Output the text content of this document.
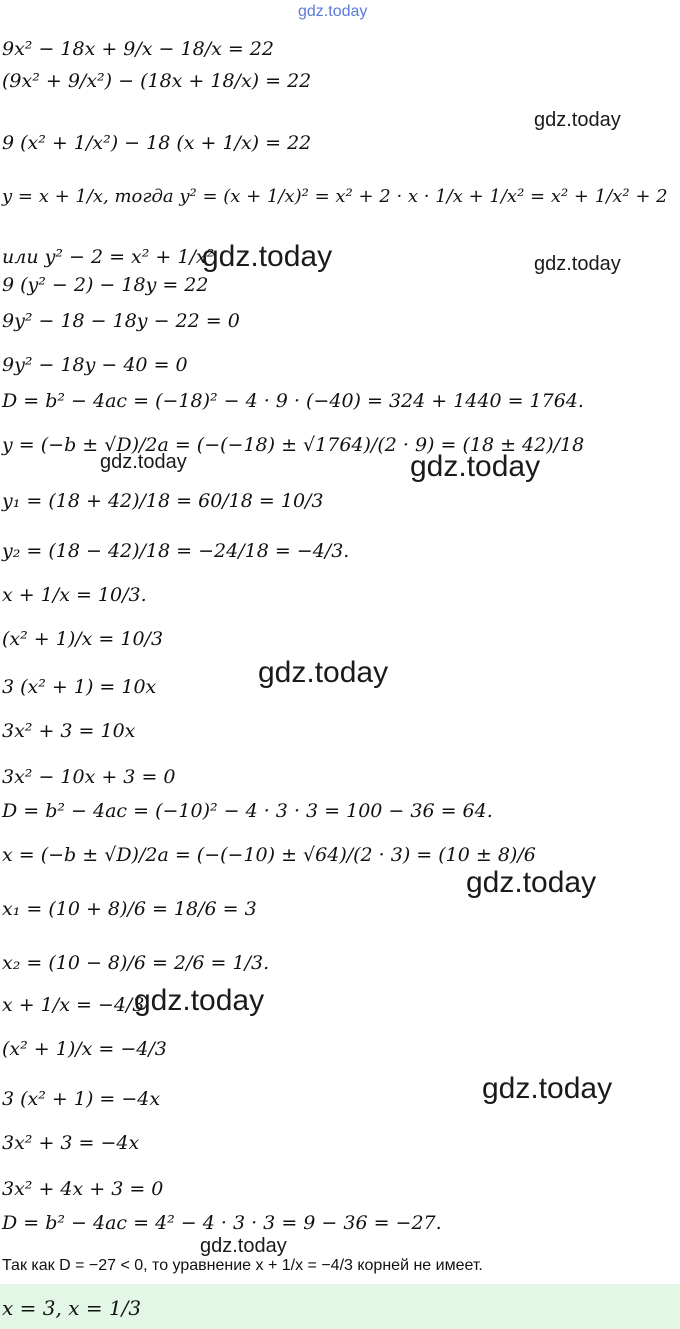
gdz.today
9x² − 18x + 9/x − 18/x = 22
(9x² + 9/x²) − (18x + 18/x) = 22
gdz.today
9 (x² + 1/x²) − 18 (x + 1/x) = 22
y = x + 1/x, тогда y² = (x + 1/x)² = x² + 2 · x · 1/x + 1/x² = x² + 1/x² + 2
или y² − 2 = x² + 1/x²
gdz.today	gdz.today
9 (y² − 2) − 18y = 22
9y² − 18 − 18y − 22 = 0
9y² − 18y − 40 = 0
D = b² − 4ac = (−18)² − 4 · 9 · (−40) = 324 + 1440 = 1764.
y = (−b ± √D)/2a = (−(−18) ± √1764)/(2 · 9) = (18 ± 42)/18
gdz.today	gdz.today
y₁ = (18 + 42)/18 = 60/18 = 10/3
y₂ = (18 − 42)/18 = −24/18 = −4/3.
x + 1/x = 10/3.
(x² + 1)/x = 10/3
gdz.today
3 (x² + 1) = 10x
3x² + 3 = 10x
3x² − 10x + 3 = 0
D = b² − 4ac = (−10)² − 4 · 3 · 3 = 100 − 36 = 64.
x = (−b ± √D)/2a = (−(−10) ± √64)/(2 · 3) = (10 ± 8)/6
gdz.today
x₁ = (10 + 8)/6 = 18/6 = 3
x₂ = (10 − 8)/6 = 2/6 = 1/3.
x + 1/x = −4/3
gdz.today
(x² + 1)/x = −4/3
gdz.today
3 (x² + 1) = −4x
3x² + 3 = −4x
3x² + 4x + 3 = 0
D = b² − 4ac = 4² − 4 · 3 · 3 = 9 − 36 = −27.
gdz.today
Так как D = −27 < 0, то уравнение x + 1/x = −4/3 корней не имеет.
x = 3, x = 1/3
